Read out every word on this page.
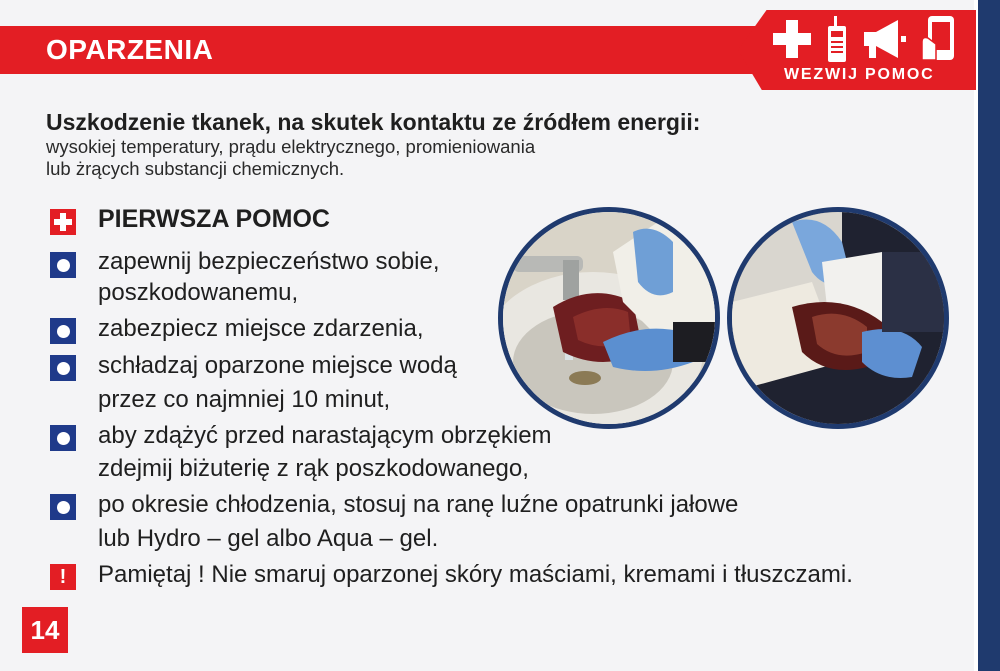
OPARZENIA
WEZWIJ POMOC
Uszkodzenie tkanek, na skutek kontaktu ze źródłem energii:
wysokiej temperatury, prądu elektrycznego, promieniowania
lub żrących substancji chemicznych.
PIERWSZA POMOC
zapewnij bezpieczeństwo sobie,
poszkodowanemu,
zabezpiecz miejsce zdarzenia,
schładzaj oparzone miejsce wodą
przez co najmniej 10 minut,
aby zdążyć przed narastającym obrzękiem
zdejmij biżuterię z rąk poszkodowanego,
po okresie chłodzenia, stosuj na ranę luźne opatrunki jałowe
lub Hydro – gel albo Aqua – gel.
! Pamiętaj ! Nie smaruj oparzonej skóry maściami, kremami i tłuszczami.
14
